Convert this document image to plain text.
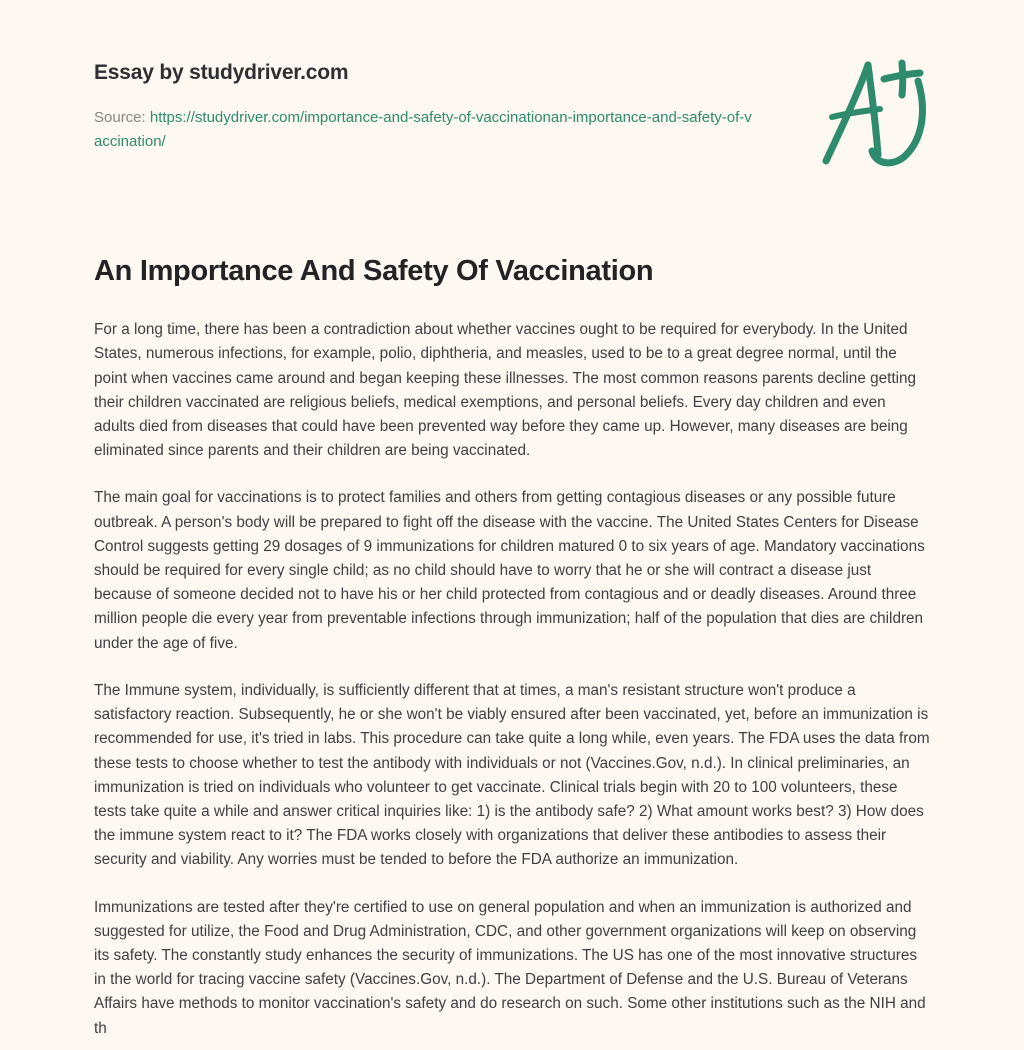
Essay by studydriver.com
Source: https://studydriver.com/importance-and-safety-of-vaccinationan-importance-and-safety-of-vaccination/
An Importance And Safety Of Vaccination

For a long time, there has been a contradiction about whether vaccines ought to be required for everybody. In the United States, numerous infections, for example, polio, diphtheria, and measles, used to be to a great degree normal, until the point when vaccines came around and began keeping these illnesses. The most common reasons parents decline getting their children vaccinated are religious beliefs, medical exemptions, and personal beliefs. Every day children and even adults died from diseases that could have been prevented way before they came up. However, many diseases are being eliminated since parents and their children are being vaccinated.

The main goal for vaccinations is to protect families and others from getting contagious diseases or any possible future outbreak. A person's body will be prepared to fight off the disease with the vaccine. The United States Centers for Disease Control suggests getting 29 dosages of 9 immunizations for children matured 0 to six years of age. Mandatory vaccinations should be required for every single child; as no child should have to worry that he or she will contract a disease just because of someone decided not to have his or her child protected from contagious and or deadly diseases. Around three million people die every year from preventable infections through immunization; half of the population that dies are children under the age of five.

The Immune system, individually, is sufficiently different that at times, a man's resistant structure won't produce a satisfactory reaction. Subsequently, he or she won't be viably ensured after been vaccinated, yet, before an immunization is recommended for use, it's tried in labs. This procedure can take quite a long while, even years. The FDA uses the data from these tests to choose whether to test the antibody with individuals or not (Vaccines.Gov, n.d.). In clinical preliminaries, an immunization is tried on individuals who volunteer to get vaccinate. Clinical trials begin with 20 to 100 volunteers, these tests take quite a while and answer critical inquiries like: 1) is the antibody safe? 2) What amount works best? 3) How does the immune system react to it? The FDA works closely with organizations that deliver these antibodies to assess their security and viability. Any worries must be tended to before the FDA authorize an immunization.

Immunizations are tested after they're certified to use on general population and when an immunization is authorized and suggested for utilize, the Food and Drug Administration, CDC, and other government organizations will keep on observing its safety. The constantly study enhances the security of immunizations. The US has one of the most innovative structures in the world for tracing vaccine safety (Vaccines.Gov, n.d.). The Department of Defense and the U.S. Bureau of Veterans Affairs have methods to monitor vaccination's safety and do research on such. Some other institutions such as the NIH and th
